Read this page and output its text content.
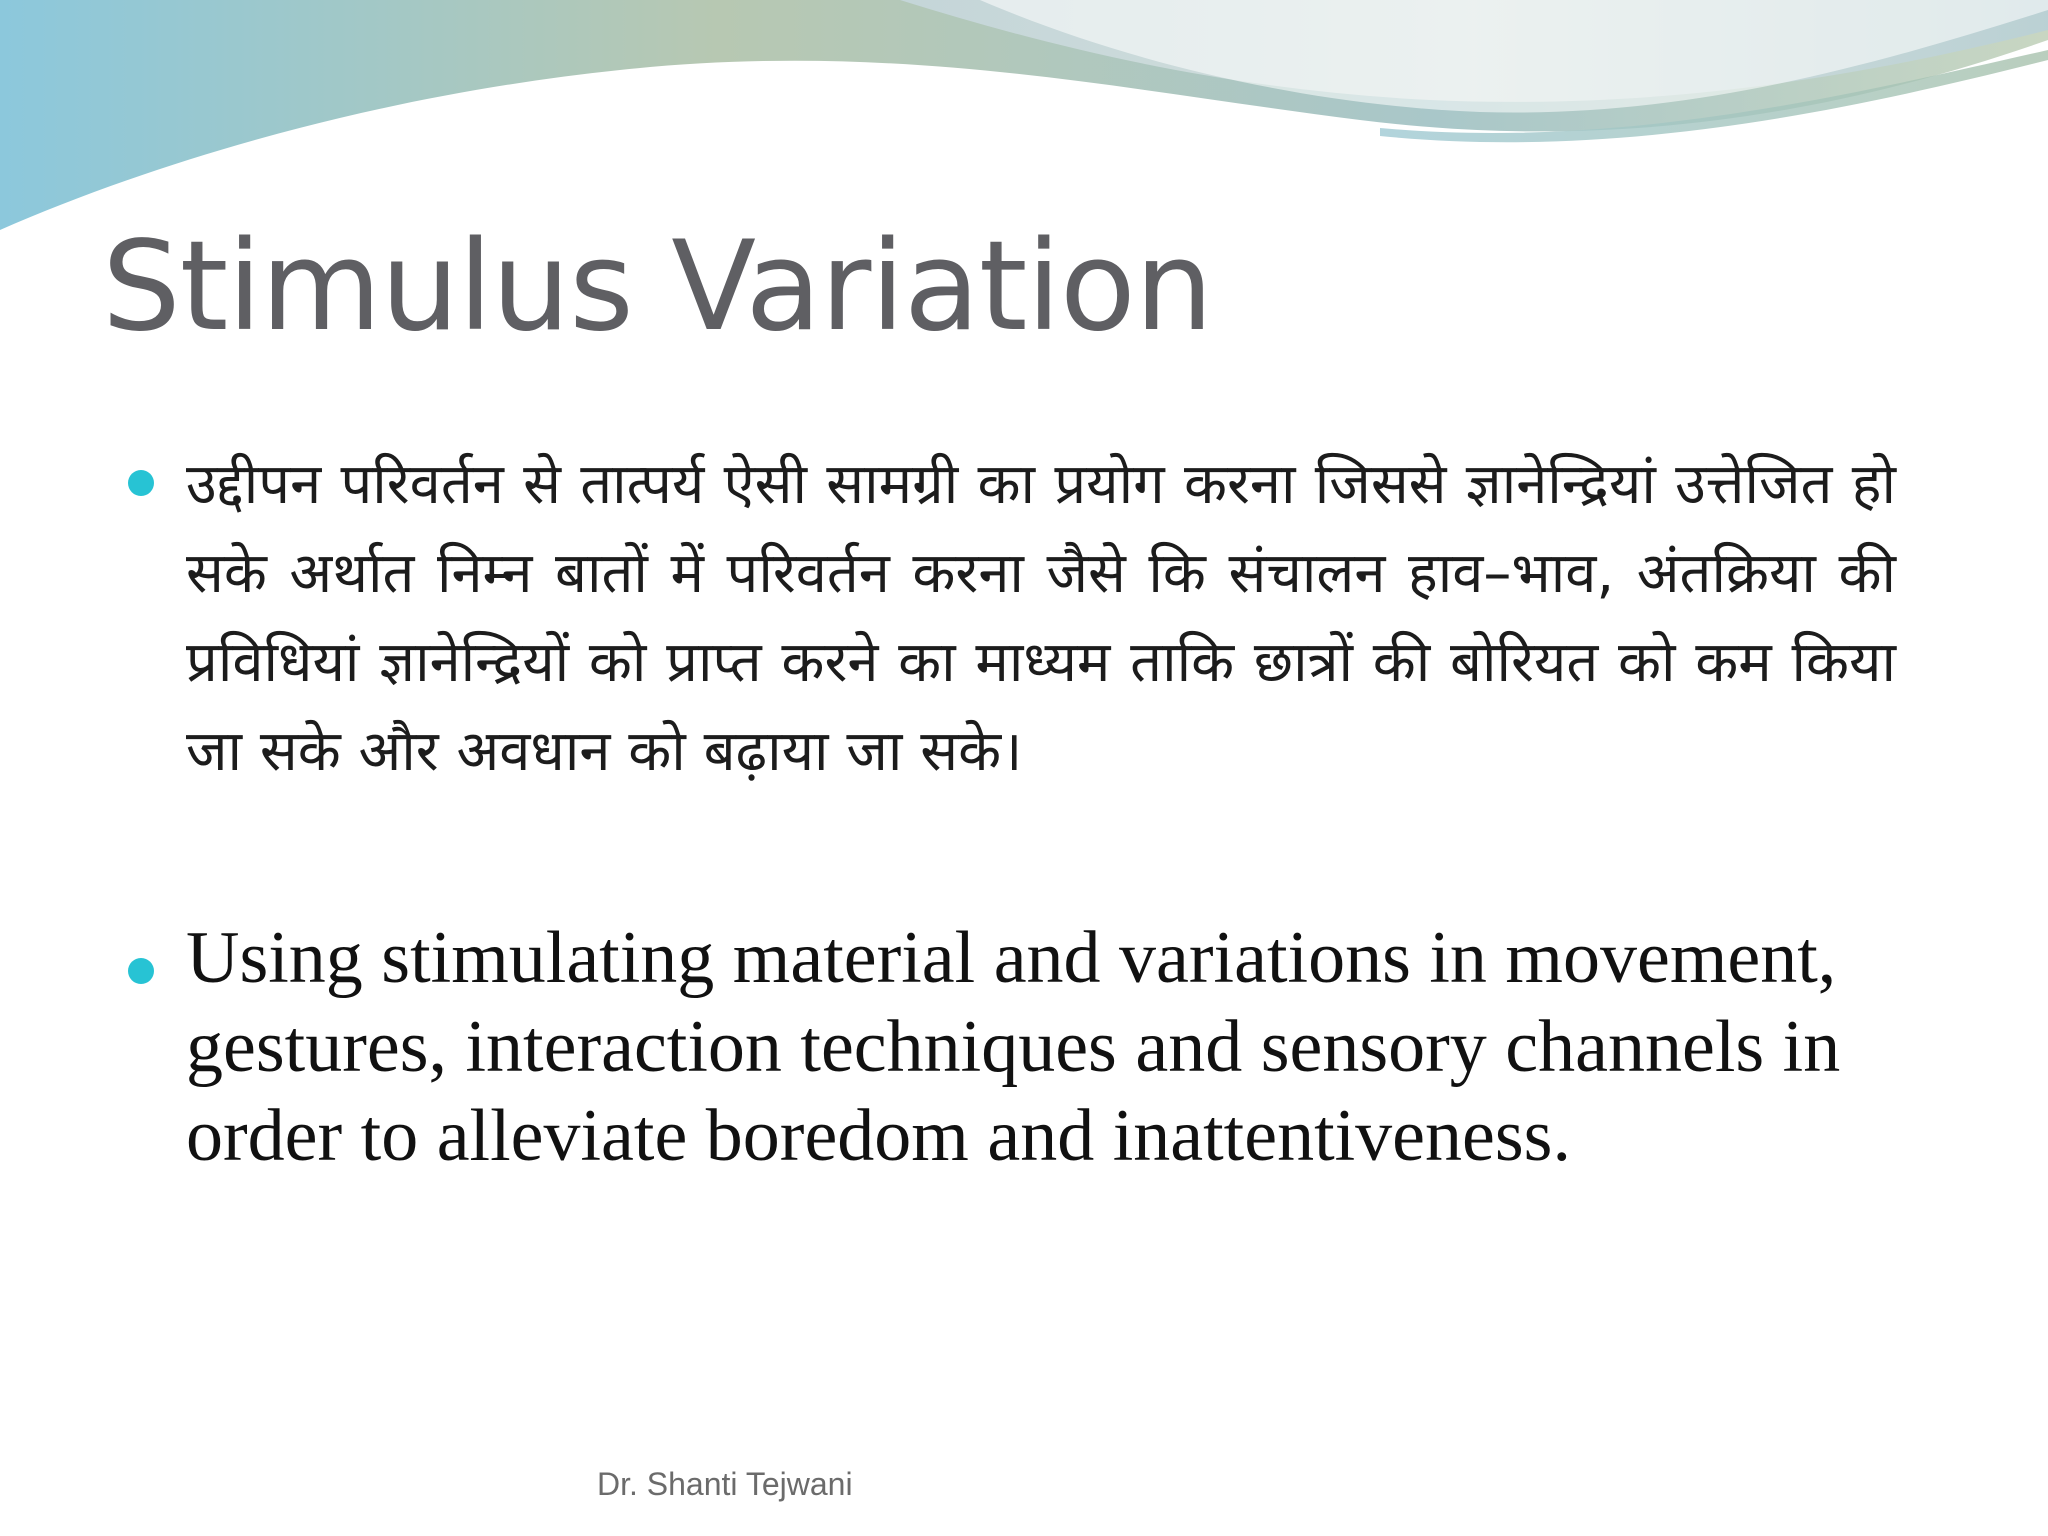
Stimulus Variation
उद्दीपन परिवर्तन से तात्पर्य ऐसी सामग्री का प्रयोग करना जिससे ज्ञानेन्द्रियां उत्तेजित हो सके अर्थात निम्न बातों में परिवर्तन करना जैसे कि संचालन हाव–भाव, अंतक्रिया की प्रविधियां ज्ञानेन्द्रियों को प्राप्त करने का माध्यम ताकि छात्रों की बोरियत को कम किया जा सके और अवधान को बढ़ाया जा सके।
Using stimulating material and variations in movement, gestures, interaction techniques and sensory channels in order to alleviate boredom and inattentiveness.
Dr. Shanti Tejwani
